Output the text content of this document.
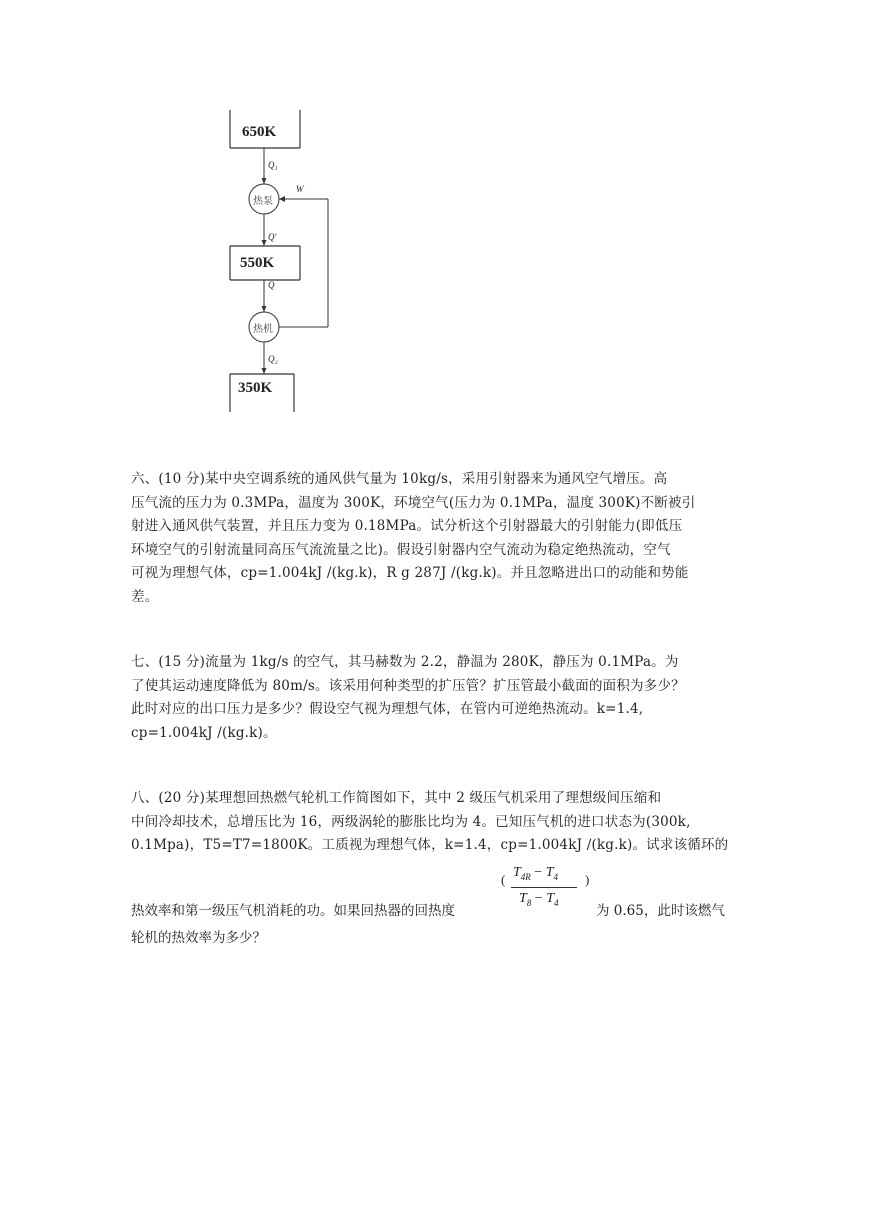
650K
550K
350K
Q₁
W
Q'
Q
Q₂
热泵
热机

六、(10 分)某中央空调系统的通风供气量为 10kg/s，采用引射器来为通风空气增压。高

压气流的压力为 0.3MPa，温度为 300K，环境空气(压力为 0.1MPa，温度 300K)不断被引

射进入通风供气装置，并且压力变为 0.18MPa。试分析这个引射器最大的引射能力(即低压

环境空气的引射流量同高压气流流量之比)。假设引射器内空气流动为稳定绝热流动，空气

可视为理想气体，cp=1.004kJ /(kg.k)，R g 287J /(kg.k)。并且忽略进出口的动能和势能

差。

七、(15 分)流量为 1kg/s 的空气，其马赫数为 2.2，静温为 280K，静压为 0.1MPa。为

了使其运动速度降低为 80m/s。该采用何种类型的扩压管？扩压管最小截面的面积为多少？

此时对应的出口压力是多少？假设空气视为理想气体，在管内可逆绝热流动。k=1.4,

cp=1.004kJ /(kg.k)。

八、(20 分)某理想回热燃气轮机工作简图如下，其中 2 级压气机采用了理想级间压缩和

中间冷却技术，总增压比为 16，两级涡轮的膨胀比均为 4。已知压气机的进口状态为(300k,

0.1Mpa)，T5=T7=1800K。工质视为理想气体，k=1.4，cp=1.004kJ /(kg.k)。试求该循环的

( $T_{4R} - T_4$
$T_8 - T_4$
)
热效率和第一级压气机消耗的功。如果回热器的回热度	为 0.65，此时该燃气
轮机的热效率为多少？
